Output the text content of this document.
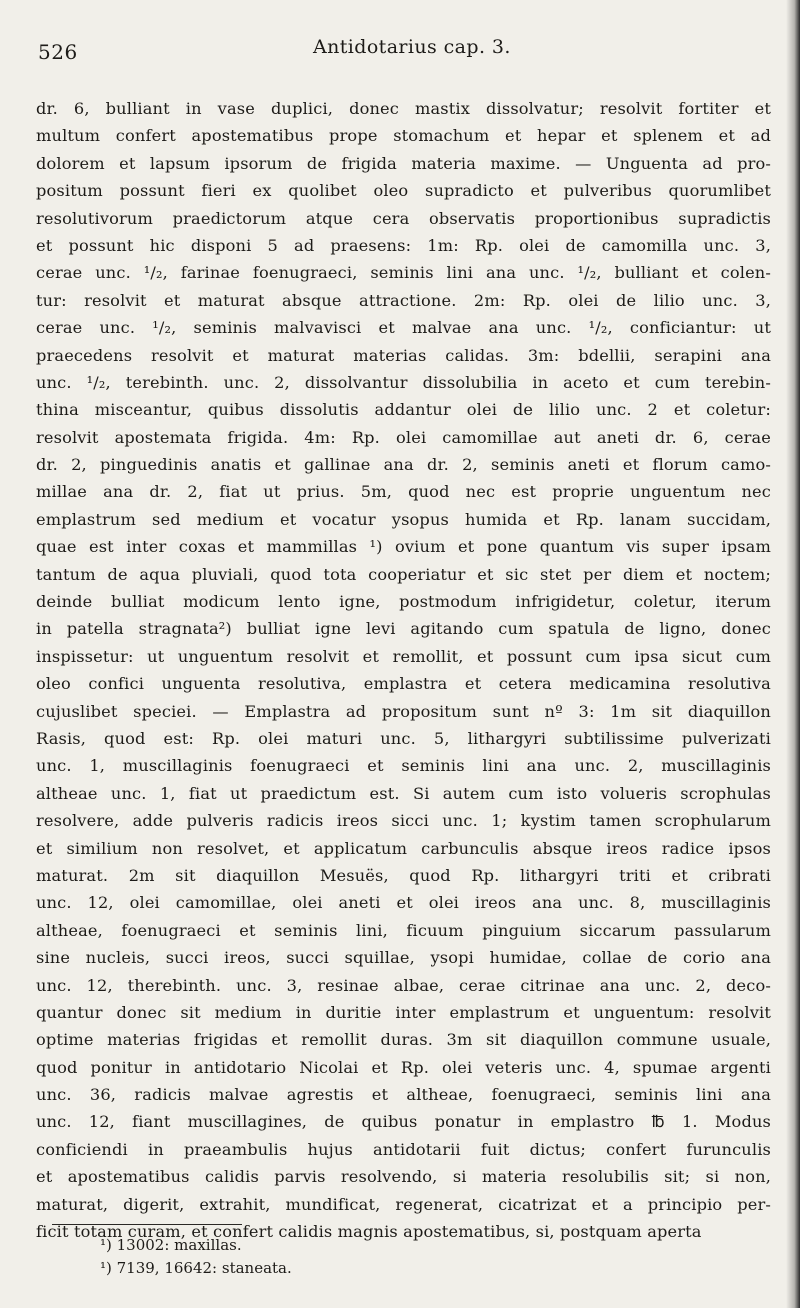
526	Antidotarius cap. 3.
dr. 6, bulliant in vase duplici, donec mastix dissolvatur; resolvit fortiter et
multum confert apostematibus prope stomachum et hepar et splenem et ad
dolorem et lapsum ipsorum de frigida materia maxime. — Unguenta ad pro-
positum possunt fieri ex quolibet oleo supradicto et pulveribus quorumlibet
resolutivorum praedictorum atque cera observatis proportionibus supradictis
et possunt hic disponi 5 ad praesens: 1m: Rp. olei de camomilla unc. 3,
cerae unc. ¹/₂, farinae foenugraeci, seminis lini ana unc. ¹/₂, bulliant et colen-
tur: resolvit et maturat absque attractione. 2m: Rp. olei de lilio unc. 3,
cerae unc. ¹/₂, seminis malvavisci et malvae ana unc. ¹/₂, conficiantur: ut
praecedens resolvit et maturat materias calidas. 3m: bdellii, serapini ana
unc. ¹/₂, terebinth. unc. 2, dissolvantur dissolubilia in aceto et cum terebin-
thina misceantur, quibus dissolutis addantur olei de lilio unc. 2 et coletur:
resolvit apostemata frigida. 4m: Rp. olei camomillae aut aneti dr. 6, cerae
dr. 2, pinguedinis anatis et gallinae ana dr. 2, seminis aneti et florum camo-
millae ana dr. 2, fiat ut prius. 5m, quod nec est proprie unguentum nec
emplastrum sed medium et vocatur ysopus humida et Rp. lanam succidam,
quae est inter coxas et mammillas ¹) ovium et pone quantum vis super ipsam
tantum de aqua pluviali, quod tota cooperiatur et sic stet per diem et noctem;
deinde bulliat modicum lento igne, postmodum infrigidetur, coletur, iterum
in patella stragnata²) bulliat igne levi agitando cum spatula de ligno, donec
inspissetur: ut unguentum resolvit et remollit, et possunt cum ipsa sicut cum
oleo confici unguenta resolutiva, emplastra et cetera medicamina resolutiva
cujuslibet speciei. — Emplastra ad propositum sunt nº 3: 1m sit diaquillon
Rasis, quod est: Rp. olei maturi unc. 5, lithargyri subtilissime pulverizati
unc. 1, muscillaginis foenugraeci et seminis lini ana unc. 2, muscillaginis
altheae unc. 1, fiat ut praedictum est. Si autem cum isto volueris scrophulas
resolvere, adde pulveris radicis ireos sicci unc. 1; kystim tamen scrophularum
et similium non resolvet, et applicatum carbunculis absque ireos radice ipsos
maturat. 2m sit diaquillon Mesuës, quod Rp. lithargyri triti et cribrati
unc. 12, olei camomillae, olei aneti et olei ireos ana unc. 8, muscillaginis
altheae, foenugraeci et seminis lini, ficuum pinguium siccarum passularum
sine nucleis, succi ireos, succi squillae, ysopi humidae, collae de corio ana
unc. 12, therebinth. unc. 3, resinae albae, cerae citrinae ana unc. 2, deco-
quantur donec sit medium in duritie inter emplastrum et unguentum: resolvit
optime materias frigidas et remollit duras. 3m sit diaquillon commune usuale,
quod ponitur in antidotario Nicolai et Rp. olei veteris unc. 4, spumae argenti
unc. 36, radicis malvae agrestis et altheae, foenugraeci, seminis lini ana
unc. 12, fiant muscillagines, de quibus ponatur in emplastro ℔ 1. Modus
conficiendi in praeambulis hujus antidotarii fuit dictus; confert furunculis
et apostematibus calidis parvis resolvendo, si materia resolubilis sit; si non,
maturat, digerit, extrahit, mundificat, regenerat, cicatrizat et a principio per-
ficit totam curam, et confert calidis magnis apostematibus, si, postquam aperta
¹) 13002: maxillas.
¹) 7139, 16642: staneata.
